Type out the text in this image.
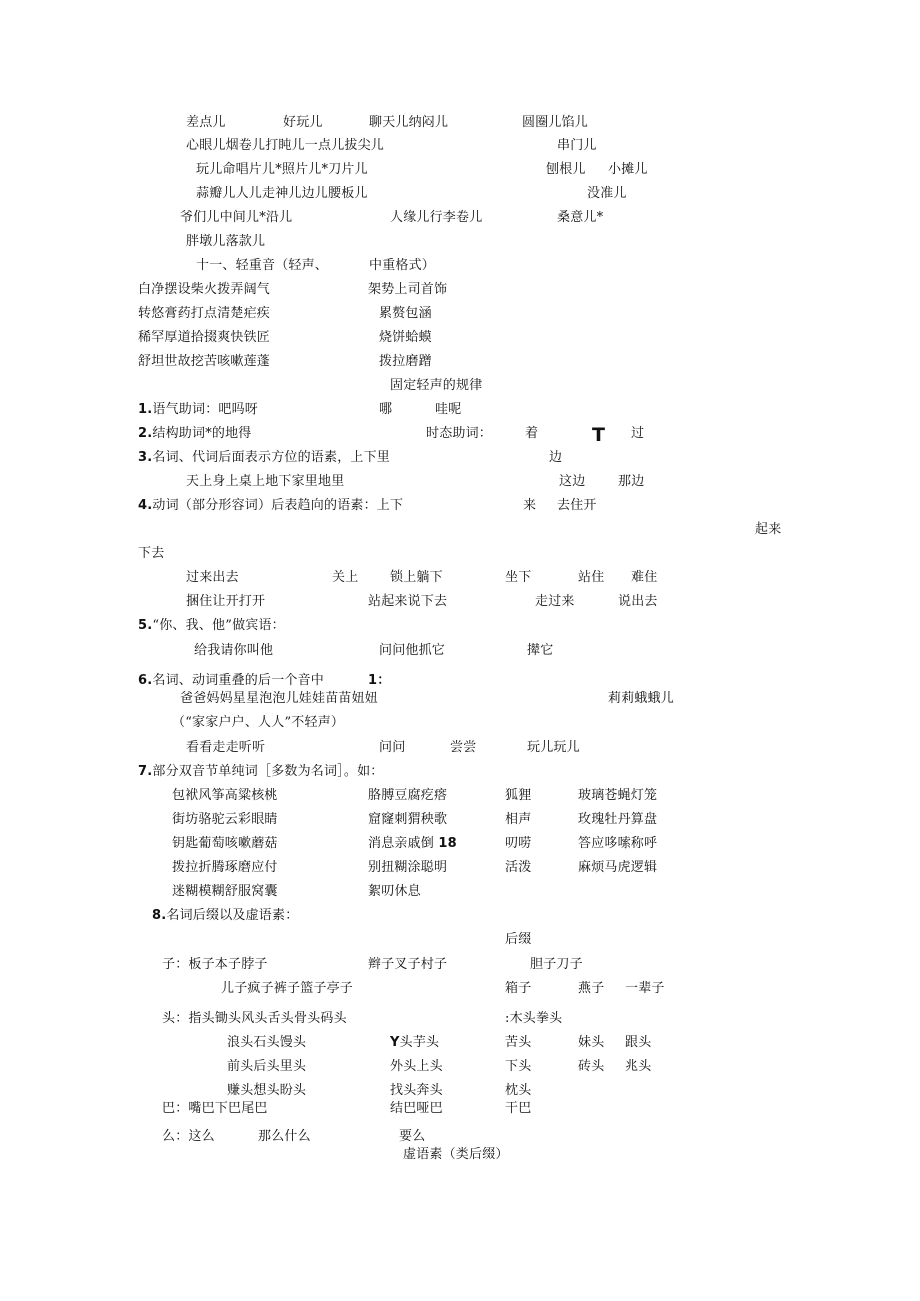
差点儿	好玩儿	聊天儿纳闷儿	圆圈儿馅儿
心眼儿烟卷儿打盹儿一点儿拔尖儿	串门儿
玩儿命唱片儿*照片儿*刀片儿	刨根儿 小摊儿
蒜瓣儿人儿走神儿边儿腰板儿	没准儿
爷们儿中间儿*沿儿	人缘儿行李卷儿	桑意儿*
胖墩儿落款儿
十一、轻重音（轻声、	中重格式）
白净摆设柴火拨弄阔气	架势上司首饰
转悠膏药打点清楚疟疾	累赘包涵
稀罕厚道拾掇爽快铁匠	烧饼蛤蟆
舒坦世故挖苦咳嗽莲蓬	拨拉磨蹭
固定轻声的规律
1.语气助词：吧吗呀	哪	哇呢
2.结构助词*的地得	时态助词：	着	T 过
3.名词、代词后面表示方位的语素，上下里	边
天上身上桌上地下家里地里	这边	那边
4.动词（部分形容词）后表趋向的语素：上下	来 去住开
起来
下去
过来出去	关上 锁上躺下	坐下	站住 难住
捆住让开打开	站起来说下去	走过来	说出去
5.“你、我、他”做宾语：
给我请你叫他	问问他抓它	撵它
6.名词、动词重叠的后一个音中	1：
爸爸妈妈星星泡泡儿娃娃苗苗妞妞	莉莉蛾蛾儿
（“家家户户、人人”不轻声）
看看走走听听	问问	尝尝	玩儿玩儿
7.部分双音节单纯词［多数为名词］。如：
包袱风筝高粱核桃	胳膊豆腐疙瘩	狐狸	玻璃苍蝇灯笼
街坊骆驼云彩眼睛	窟窿刺猬秧歌	相声	玫瑰牡丹算盘
钥匙葡萄咳嗽蘑菇	消息亲戚倒 18	叨唠	答应哆嗦称呼
拨拉折腾琢磨应付	别扭糊涂聪明	活泼	麻烦马虎逻辑
迷糊模糊舒服窝囊	絮叨休息
8.名词后缀以及虚语素：
后缀
子：板子本子脖子	辫子叉子村子	胆子刀子
儿子疯子裤子篮子亭子	箱子	燕子 一辈子
头：指头锄头风头舌头骨头码头	:木头拳头
浪头石头馒头	Y头芋头	苦头	妹头 跟头
前头后头里头	外头上头	下头	砖头 兆头
赚头想头盼头	找头奔头	枕头
巴：嘴巴下巴尾巴	结巴哑巴	干巴
么：这么	那么什么	要么
虚语素（类后缀）
